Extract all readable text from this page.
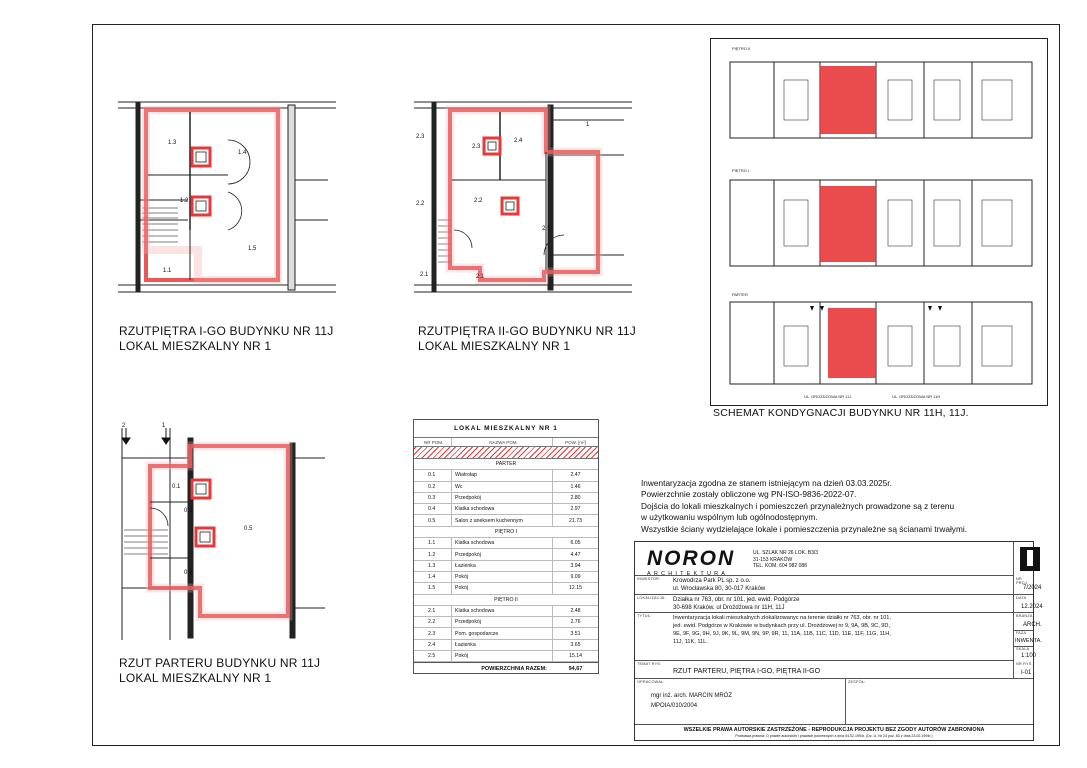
1.3
1.4
1.2
1.5
1.1
RZUTPIĘTRA I-GO BUDYNKU NR 11J
LOKAL MIESZKALNY NR 1
2.3
2.4
2.3
2.2	2.2
2.5
2.1	2.1
1
RZUTPIĘTRA II-GO BUDYNKU NR 11J
LOKAL MIESZKALNY NR 1
0.1
0.3
0.5
0.2
2	1
RZUT PARTERU BUDYNKU NR 11J
LOKAL MIESZKALNY NR 1
PIĘTRO II
PIĘTRO I
PARTER
UL. DROŻDŻOWA NR 11J	UL. DROŻDŻOWA NR 11H
SCHEMAT KONDYGNACJI BUDYNKU NR 11H, 11J.
LOKAL MIESZKALNY NR 1
NR POM.	NAZWA POM.	POW. [m²]
PARTER
0.1	Wiatrołap	2.47
0.2	Wc	1.46
0.3	Przedpokój	2.80
0.4	Klatka schodowa	2.97
0.5	Salon z aneksem kuchennym	21.73
PIĘTRO I
1.1	Klatka schodowa	6.05
1.2	Przedpokój	4.47
1.3	Łazienka	3.94
1.4	Pokój	9.09
1.5	Pokój	12.15
PIĘTRO II
2.1	Klatka schodowa	2.48
2.2	Przedpokój	2.76
2.3	Pom. gospodarcze	3.51
2.4	Łazienka	3.65
2.5	Pokój	15.14
POWIERZCHNIA RAZEM:	94,67
Inwentaryzacja zgodna ze stanem istniejącym na dzień 03.03.2025r.
Powierzchnie zostały obliczone wg PN-ISO-9836-2022-07.
Dojścia do lokali mieszkalnych i pomieszczeń przynależnych prowadzone są z terenu
w użytkowaniu wspólnym lub ogólnodostępnym.
Wszystkie ściany wydzielające lokale i pomieszczenia przynależne są ścianami trwałymi.
NORON
ARCHITEKTURA
UL. SZLAK NR 26 LOK. B3/3
31-153 KRAKÓW
TEL. KOM. 604 982 088
INWESTOR: Krowodrza Park PL sp. z o.o.
ul. Wrocławska 80, 30-017 Kraków
LOKALIZACJA: Działka nr 763, obr. nr 101, jed. ewid. Podgórze
30-698 Kraków, ul Drożdżowa nr 11H, 11J
TYTUŁ:	Inwentaryzacja lokali mieszkalnych zlokalizowanyc na terenie działki nr 763, obr. nr 101,
jed. ewid. Podgórze w Krakowie w budynkach przy ul. Drożdżowej nr 9, 9A, 9B, 9C, 9D,
9E, 9F, 9G, 9H, 9J, 9K, 9L, 9M, 9N, 9P, 9R, 11, 11A, 11B, 11C, 11D, 11E, 11F, 11G, 11H,
11J, 11K, 11L.
TEMAT RYS:
RZUT PARTERU, PIĘTRA I-GO, PIĘTRA II-GO
OPRACOWAŁ:
mgr inż. arch. MARCIN MRÓZ
MPOIA/010/2004
ZESPÓŁ:
NR PROJ.
7/2024
DATA
12.2024
BRANŻA
ARCH.
FAZA
INWENTA.
SKALA
1:100
NR RYS.
I-01
WSZELKIE PRAWA AUTORSKIE ZASTRZEŻONE - REPRODUKCJA PROJEKTU BEZ ZGODY AUTORÓW ZABRONIONA
Podstawa prawna: O prawie autorskim i prawach pokrewnych z dnia 04.02.1994r. (Dz. U. Nr 24 poz. 83 z dnia 23.02.1994r.)
